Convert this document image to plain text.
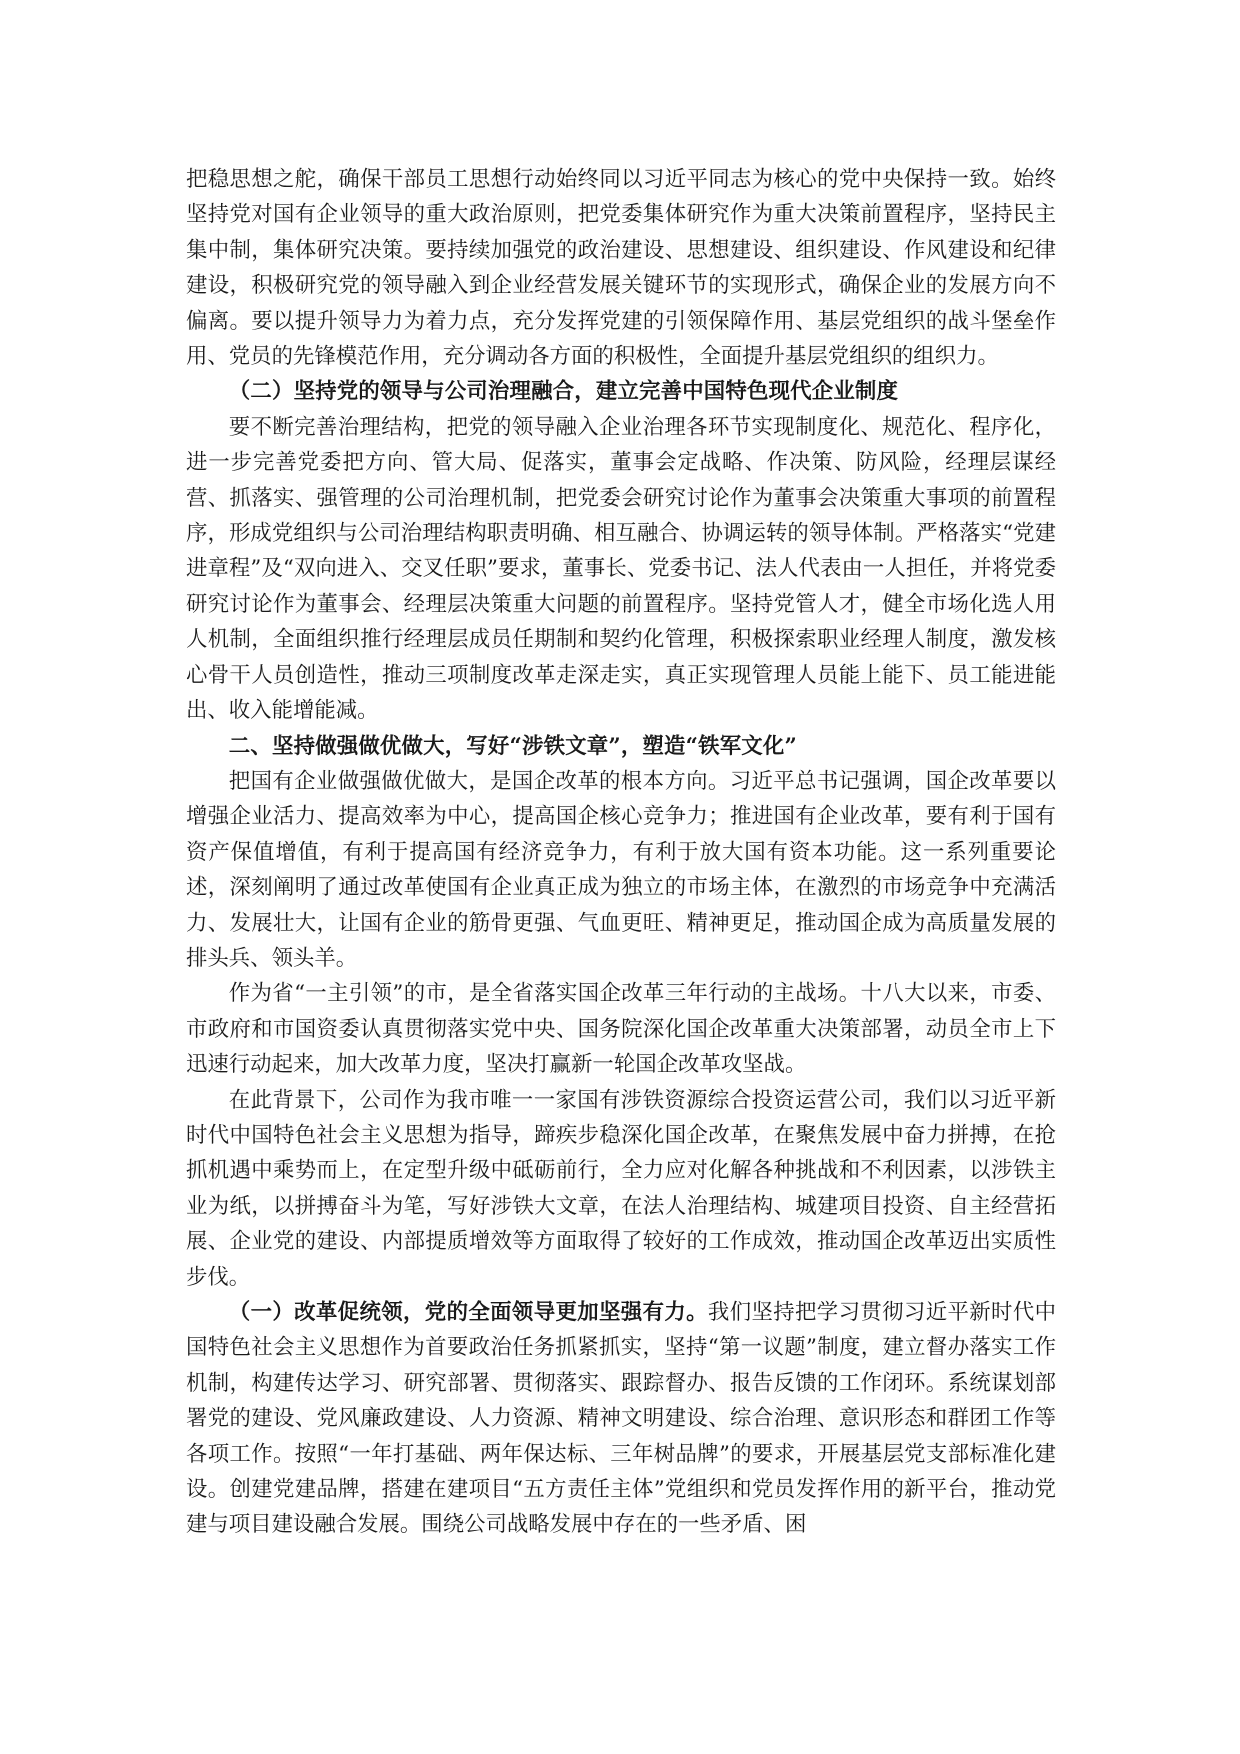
把稳思想之舵，确保干部员工思想行动始终同以习近平同志为核心的党中央保持一致。始终坚持党对国有企业领导的重大政治原则，把党委集体研究作为重大决策前置程序，坚持民主集中制，集体研究决策。要持续加强党的政治建设、思想建设、组织建设、作风建设和纪律建设，积极研究党的领导融入到企业经营发展关键环节的实现形式，确保企业的发展方向不偏离。要以提升领导力为着力点，充分发挥党建的引领保障作用、基层党组织的战斗堡垒作用、党员的先锋模范作用，充分调动各方面的积极性，全面提升基层党组织的组织力。

（二）坚持党的领导与公司治理融合，建立完善中国特色现代企业制度

要不断完善治理结构，把党的领导融入企业治理各环节实现制度化、规范化、程序化，进一步完善党委把方向、管大局、促落实，董事会定战略、作决策、防风险，经理层谋经营、抓落实、强管理的公司治理机制，把党委会研究讨论作为董事会决策重大事项的前置程序，形成党组织与公司治理结构职责明确、相互融合、协调运转的领导体制。严格落实“党建进章程”及“双向进入、交叉任职”要求，董事长、党委书记、法人代表由一人担任，并将党委研究讨论作为董事会、经理层决策重大问题的前置程序。坚持党管人才，健全市场化选人用人机制，全面组织推行经理层成员任期制和契约化管理，积极探索职业经理人制度，激发核心骨干人员创造性，推动三项制度改革走深走实，真正实现管理人员能上能下、员工能进能出、收入能增能减。

二、坚持做强做优做大，写好“涉铁文章”，塑造“铁军文化”

把国有企业做强做优做大，是国企改革的根本方向。习近平总书记强调，国企改革要以增强企业活力、提高效率为中心，提高国企核心竞争力；推进国有企业改革，要有利于国有资产保值增值，有利于提高国有经济竞争力，有利于放大国有资本功能。这一系列重要论述，深刻阐明了通过改革使国有企业真正成为独立的市场主体，在激烈的市场竞争中充满活力、发展壮大，让国有企业的筋骨更强、气血更旺、精神更足，推动国企成为高质量发展的排头兵、领头羊。

作为省“一主引领”的市，是全省落实国企改革三年行动的主战场。十八大以来，市委、市政府和市国资委认真贯彻落实党中央、国务院深化国企改革重大决策部署，动员全市上下迅速行动起来，加大改革力度，坚决打赢新一轮国企改革攻坚战。

在此背景下，公司作为我市唯一一家国有涉铁资源综合投资运营公司，我们以习近平新时代中国特色社会主义思想为指导，蹄疾步稳深化国企改革，在聚焦发展中奋力拼搏，在抢抓机遇中乘势而上，在定型升级中砥砺前行，全力应对化解各种挑战和不利因素，以涉铁主业为纸，以拼搏奋斗为笔，写好涉铁大文章，在法人治理结构、城建项目投资、自主经营拓展、企业党的建设、内部提质增效等方面取得了较好的工作成效，推动国企改革迈出实质性步伐。

（一）改革促统领，党的全面领导更加坚强有力。我们坚持把学习贯彻习近平新时代中国特色社会主义思想作为首要政治任务抓紧抓实，坚持“第一议题”制度，建立督办落实工作机制，构建传达学习、研究部署、贯彻落实、跟踪督办、报告反馈的工作闭环。系统谋划部署党的建设、党风廉政建设、人力资源、精神文明建设、综合治理、意识形态和群团工作等各项工作。按照“一年打基础、两年保达标、三年树品牌”的要求，开展基层党支部标准化建设。创建党建品牌，搭建在建项目“五方责任主体”党组织和党员发挥作用的新平台，推动党建与项目建设融合发展。围绕公司战略发展中存在的一些矛盾、困
